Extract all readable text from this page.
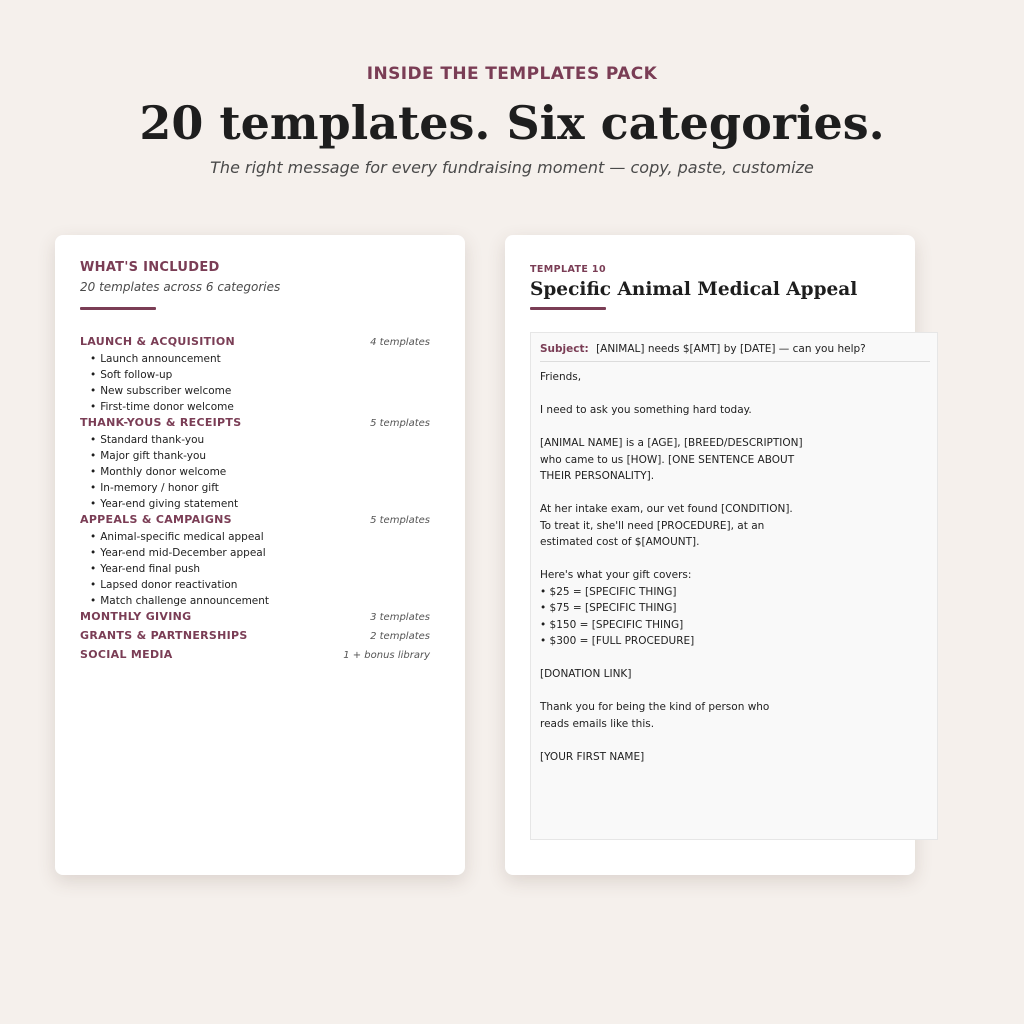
INSIDE THE TEMPLATES PACK
20 templates. Six categories.
The right message for every fundraising moment — copy, paste, customize
WHAT'S INCLUDED
20 templates across 6 categories
LAUNCH & ACQUISITION	4 templates
• Launch announcement
• Soft follow-up
• New subscriber welcome
• First-time donor welcome
THANK-YOUS & RECEIPTS	5 templates
• Standard thank-you
• Major gift thank-you
• Monthly donor welcome
• In-memory / honor gift
• Year-end giving statement
APPEALS & CAMPAIGNS	5 templates
• Animal-specific medical appeal
• Year-end mid-December appeal
• Year-end final push
• Lapsed donor reactivation
• Match challenge announcement
MONTHLY GIVING	3 templates
GRANTS & PARTNERSHIPS	2 templates
SOCIAL MEDIA	1 + bonus library
TEMPLATE 10
Specific Animal Medical Appeal
Subject: [ANIMAL] needs $[AMT] by [DATE] — can you help?
Friends,
I need to ask you something hard today.
[ANIMAL NAME] is a [AGE], [BREED/DESCRIPTION]
who came to us [HOW]. [ONE SENTENCE ABOUT
THEIR PERSONALITY].
At her intake exam, our vet found [CONDITION].
To treat it, she'll need [PROCEDURE], at an
estimated cost of $[AMOUNT].
Here's what your gift covers:
• $25 = [SPECIFIC THING]
• $75 = [SPECIFIC THING]
• $150 = [SPECIFIC THING]
• $300 = [FULL PROCEDURE]
[DONATION LINK]
Thank you for being the kind of person who
reads emails like this.
[YOUR FIRST NAME]
